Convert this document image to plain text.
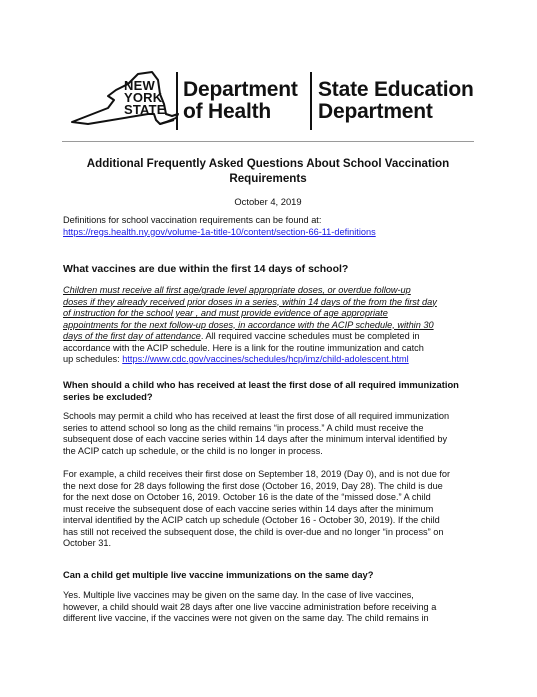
NEW
YORK
STATE
Department
of Health
State Education
Department
Additional Frequently Asked Questions About School Vaccination
Requirements
October 4, 2019
Definitions for school vaccination requirements can be found at:
https://regs.health.ny.gov/volume-1a-title-10/content/section-66-11-definitions
What vaccines are due within the first 14 days of school?
Children must receive all first age/grade level appropriate doses, or overdue follow-up
doses if they already received prior doses in a series, within 14 days of the from the first day
of instruction for the school year , and must provide evidence of age appropriate
appointments for the next follow-up doses, in accordance with the ACIP schedule, within 30
days of the first day of attendance. All required vaccine schedules must be completed in
accordance with the ACIP schedule. Here is a link for the routine immunization and catch
up schedules: https://www.cdc.gov/vaccines/schedules/hcp/imz/child-adolescent.html
When should a child who has received at least the first dose of all required immunization
series be excluded?
Schools may permit a child who has received at least the first dose of all required immunization
series to attend school so long as the child remains “in process.” A child must receive the
subsequent dose of each vaccine series within 14 days after the minimum interval identified by
the ACIP catch up schedule, or the child is no longer in process.
For example, a child receives their first dose on September 18, 2019 (Day 0), and is not due for
the next dose for 28 days following the first dose (October 16, 2019, Day 28). The child is due
for the next dose on October 16, 2019. October 16 is the date of the “missed dose.” A child
must receive the subsequent dose of each vaccine series within 14 days after the minimum
interval identified by the ACIP catch up schedule (October 16 - October 30, 2019). If the child
has still not received the subsequent dose, the child is over-due and no longer “in process” on
October 31.
Can a child get multiple live vaccine immunizations on the same day?
Yes. Multiple live vaccines may be given on the same day. In the case of live vaccines,
however, a child should wait 28 days after one live vaccine administration before receiving a
different live vaccine, if the vaccines were not given on the same day. The child remains in
